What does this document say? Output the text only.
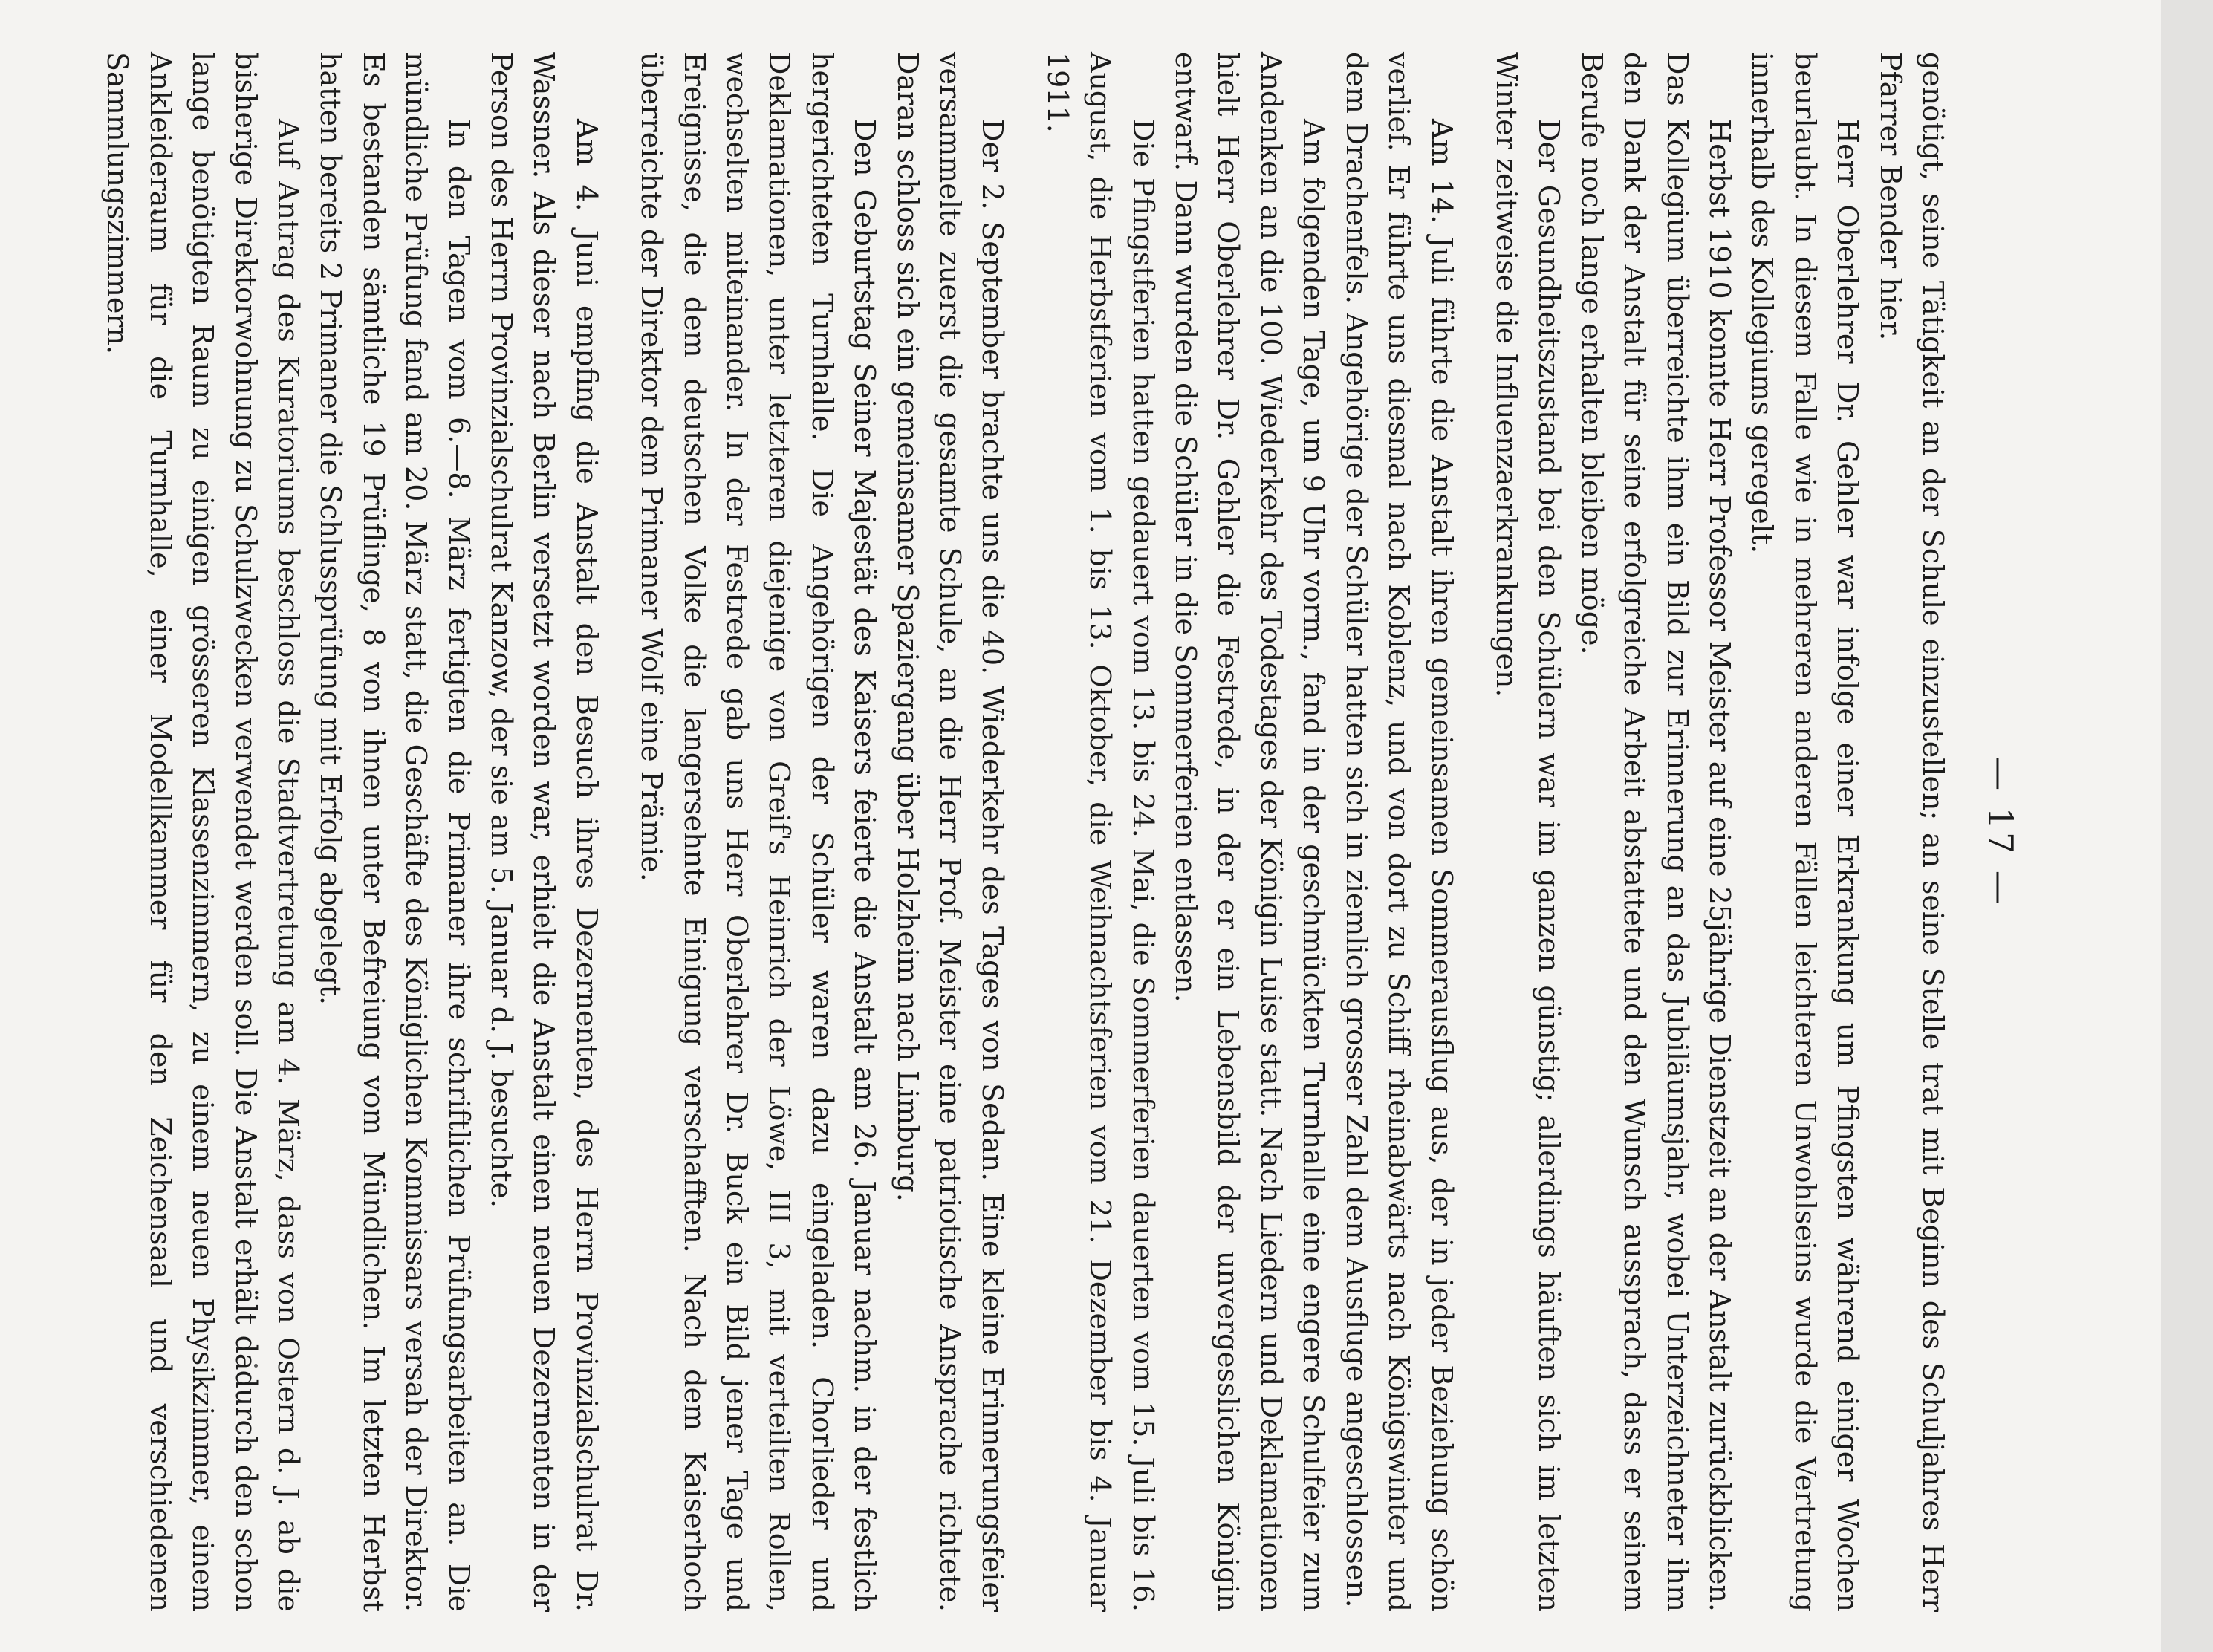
— 17 —

genötigt, seine Tätigkeit an der Schule einzustellen; an seine Stelle trat mit Beginn des Schuljahres Herr Pfarrer Bender hier.

Herr Oberlehrer Dr. Gehler war infolge einer Erkrankung um Pfingsten während einiger Wochen beurlaubt. In diesem Falle wie in mehreren anderen Fällen leichteren Unwohlseins wurde die Vertretung innerhalb des Kollegiums geregelt.

Herbst 1910 konnte Herr Professor Meister auf eine 25jährige Dienstzeit an der Anstalt zurückblicken. Das Kollegium überreichte ihm ein Bild zur Erinnerung an das Jubiläumsjahr, wobei Unterzeichneter ihm den Dank der Anstalt für seine erfolgreiche Arbeit abstattete und den Wunsch aussprach, dass er seinem Berufe noch lange erhalten bleiben möge.

Der Gesundheitszustand bei den Schülern war im ganzen günstig; allerdings häuften sich im letzten Winter zeitweise die Influenzaerkrankungen.

Am 14. Juli führte die Anstalt ihren gemeinsamen Sommerausflug aus, der in jeder Beziehung schön verlief. Er führte uns diesmal nach Koblenz, und von dort zu Schiff rheinabwärts nach Königswinter und dem Drachenfels. Angehörige der Schüler hatten sich in ziemlich grosser Zahl dem Ausfluge angeschlossen.

Am folgenden Tage, um 9 Uhr vorm., fand in der geschmückten Turnhalle eine engere Schulfeier zum Andenken an die 100. Wiederkehr des Todestages der Königin Luise statt. Nach Liedern und Deklamationen hielt Herr Oberlehrer Dr. Gehler die Festrede, in der er ein Lebensbild der unvergesslichen Königin entwarf. Dann wurden die Schüler in die Sommerferien entlassen.

Die Pfingstferien hatten gedauert vom 13. bis 24. Mai, die Sommerferien dauerten vom 15. Juli bis 16. August, die Herbstferien vom 1. bis 13. Oktober, die Weihnachtsferien vom 21. Dezember bis 4. Januar 1911.

Der 2. September brachte uns die 40. Wiederkehr des Tages von Sedan. Eine kleine Erinnerungsfeier versammelte zuerst die gesamte Schule, an die Herr Prof. Meister eine patriotische Ansprache richtete. Daran schloss sich ein gemeinsamer Spaziergang über Holzheim nach Limburg.

Den Geburtstag Seiner Majestät des Kaisers feierte die Anstalt am 26. Januar nachm. in der festlich hergerichteten Turnhalle. Die Angehörigen der Schüler waren dazu eingeladen. Chorlieder und Deklamationen, unter letzteren diejenige von Greif's Heinrich der Löwe, III 3, mit verteilten Rollen, wechselten miteinander. In der Festrede gab uns Herr Oberlehrer Dr. Buck ein Bild jener Tage und Ereignisse, die dem deutschen Volke die langersehnte Einigung verschafften. Nach dem Kaiserhoch überreichte der Direktor dem Primaner Wolf eine Prämie.

Am 4. Juni empfing die Anstalt den Besuch ihres Dezernenten, des Herrn Provinzialschulrat Dr. Wassner. Als dieser nach Berlin versetzt worden war, erhielt die Anstalt einen neuen Dezernenten in der Person des Herrn Provinzialschulrat Kanzow, der sie am 5. Januar d. J. besuchte.

In den Tagen vom 6.—8. März fertigten die Primaner ihre schriftlichen Prüfungsarbeiten an. Die mündliche Prüfung fand am 20. März statt, die Geschäfte des Königlichen Kommissars versah der Direktor. Es bestanden sämtliche 19 Prüflinge, 8 von ihnen unter Befreiung vom Mündlichen. Im letzten Herbst hatten bereits 2 Primaner die Schlussprüfung mit Erfolg abgelegt.

Auf Antrag des Kuratoriums beschloss die Stadtvertretung am 4. März, dass von Ostern d. J. ab die bisherige Direktorwohnung zu Schulzwecken verwendet werden soll. Die Anstalt erhält dadurch den schon lange benötigten Raum zu einigen grösseren Klassenzimmern, zu einem neuen Physikzimmer, einem Ankleideraum für die Turnhalle, einer Modellkammer für den Zeichensaal und verschiedenen Sammlungszimmern.
